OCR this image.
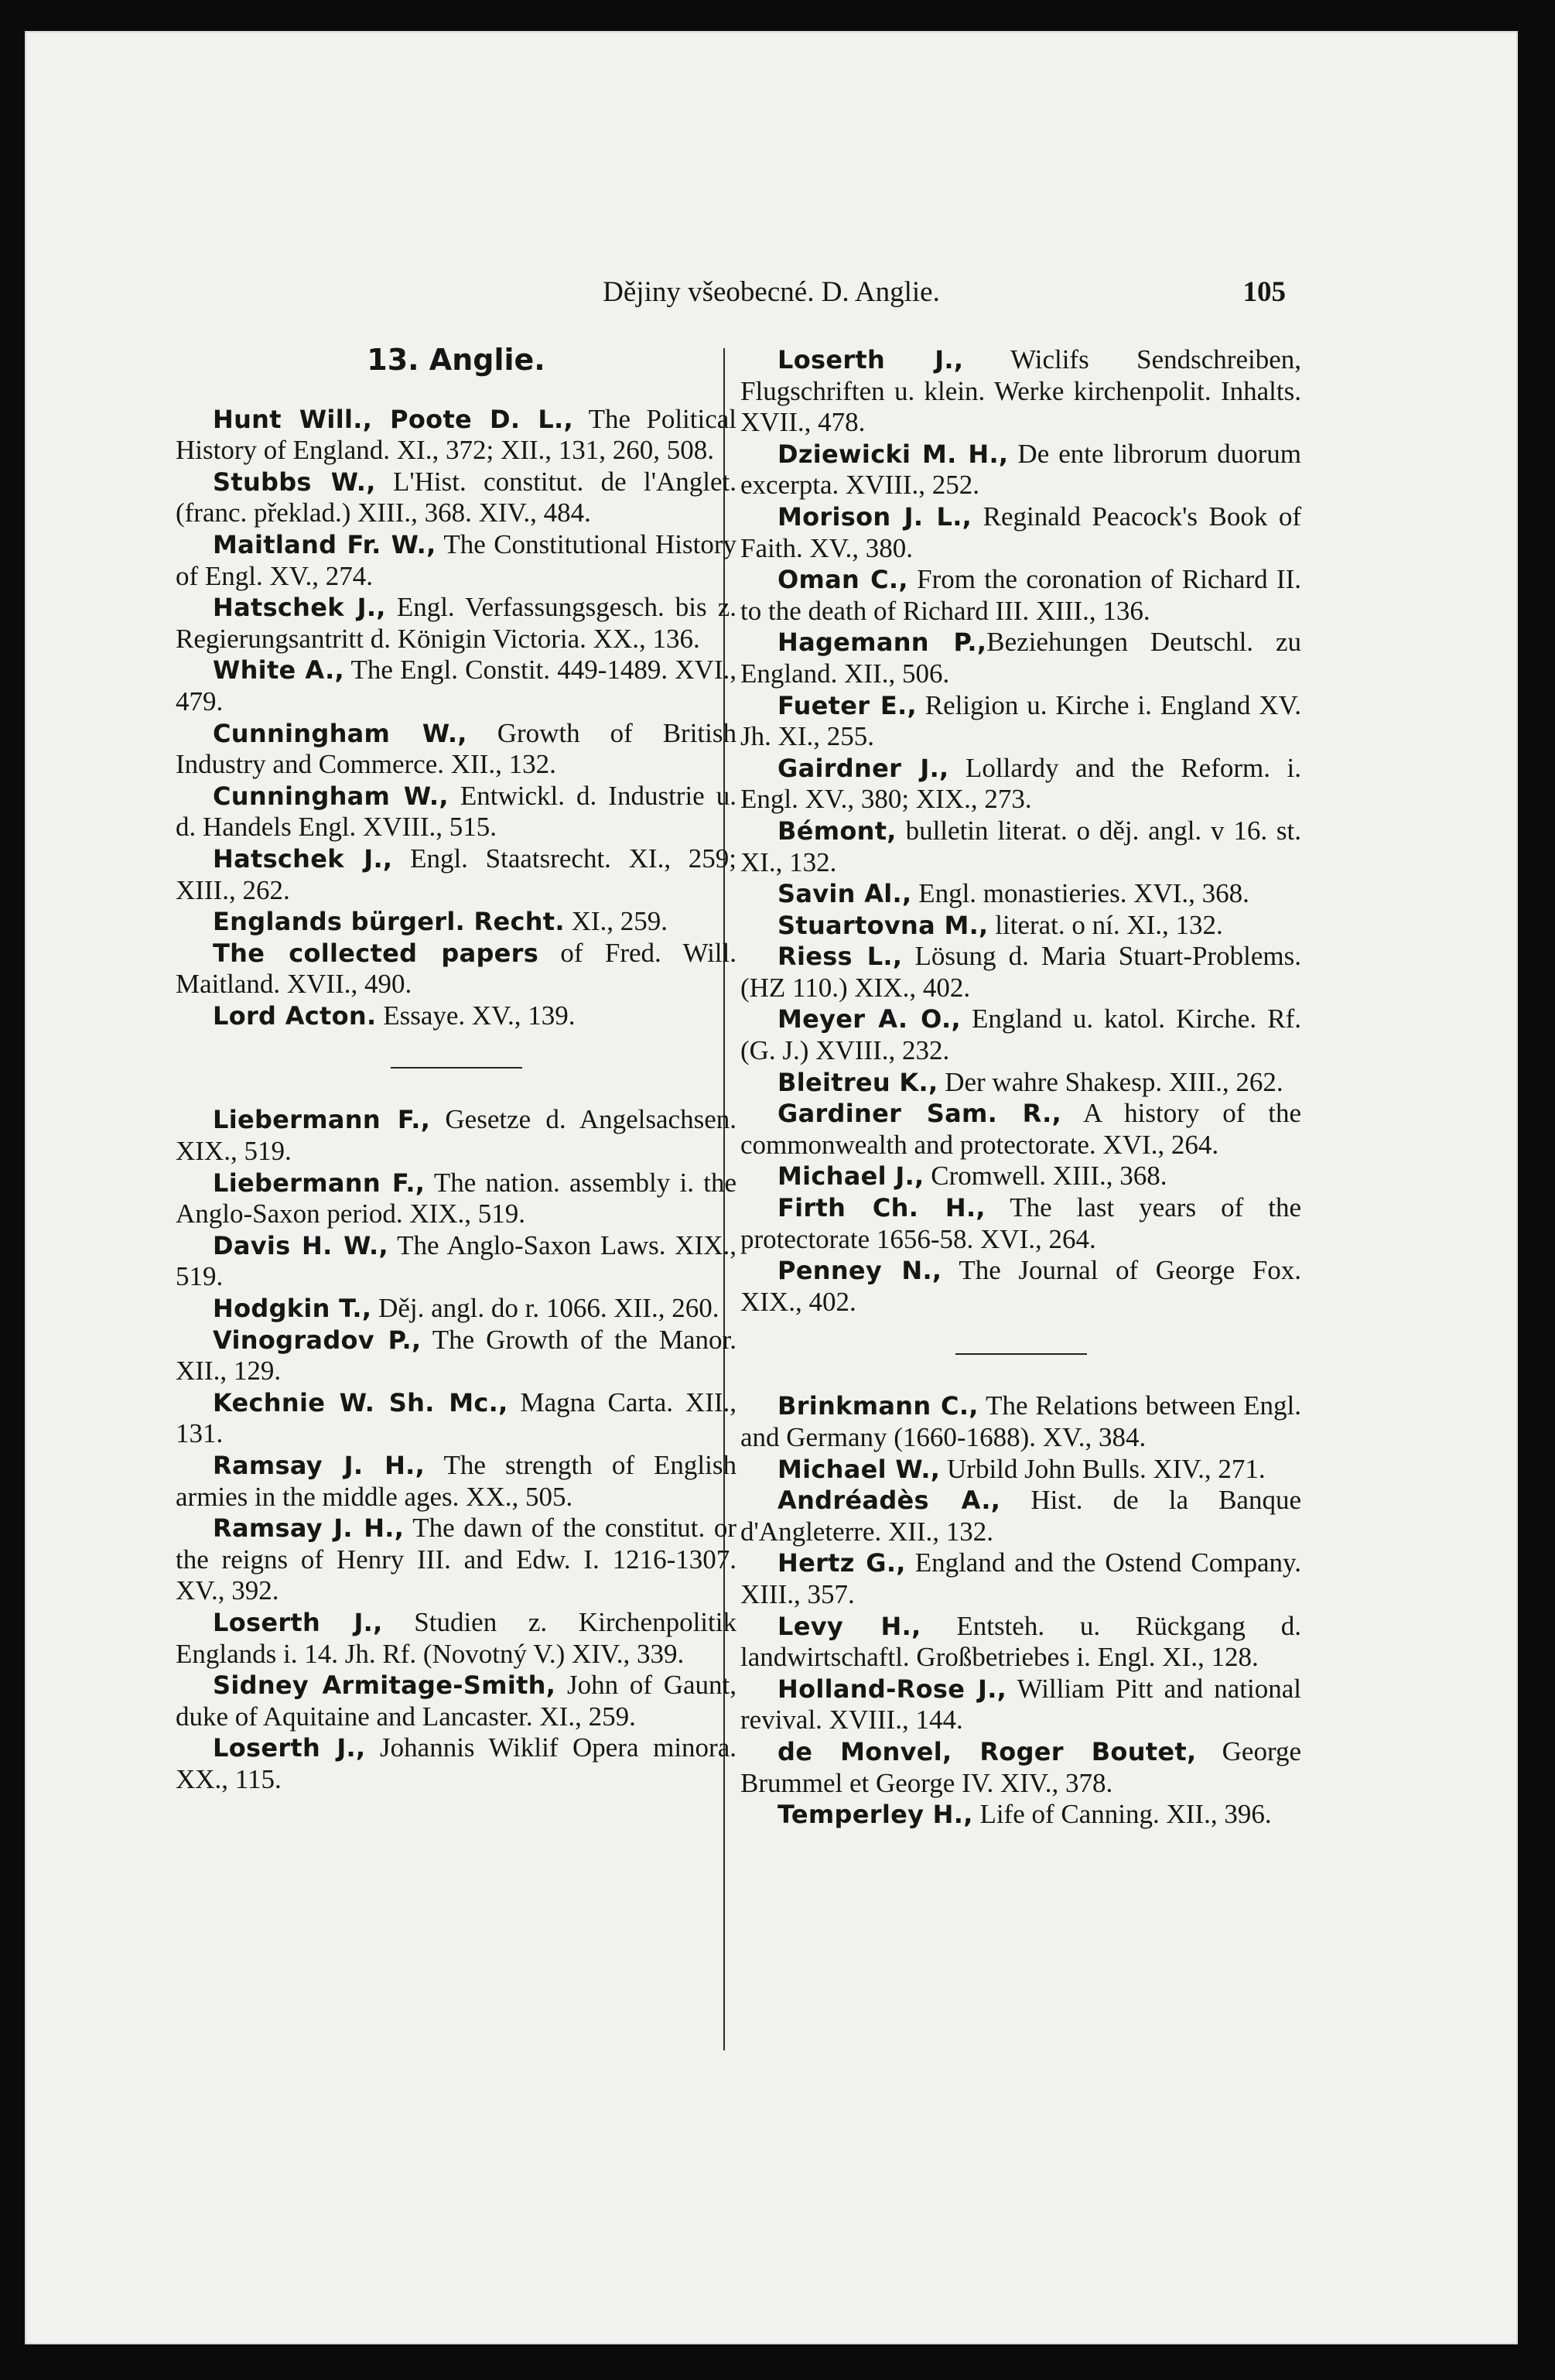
Dějiny všeobecné. D. Anglie.	105
13. Anglie.

Hunt Will., Poote D. L., The Political History of England. XI., 372; XII., 131, 260, 508.

Stubbs W., L'Hist. constitut. de l'Anglet. (franc. překlad.) XIII., 368. XIV., 484.

Maitland Fr. W., The Constitutional History of Engl. XV., 274.

Hatschek J., Engl. Verfassungsgesch. bis z. Regierungsantritt d. Königin Victoria. XX., 136.

White A., The Engl. Constit. 449-1489. XVI., 479.

Cunningham W., Growth of British Industry and Commerce. XII., 132.

Cunningham W., Entwickl. d. Industrie u. d. Handels Engl. XVIII., 515.

Hatschek J., Engl. Staatsrecht. XI., 259; XIII., 262.

Englands bürgerl. Recht. XI., 259.

The collected papers of Fred. Will. Maitland. XVII., 490.

Lord Acton. Essaye. XV., 139.

Liebermann F., Gesetze d. Angelsachsen. XIX., 519.

Liebermann F., The nation. assembly i. the Anglo-Saxon period. XIX., 519.

Davis H. W., The Anglo-Saxon Laws. XIX., 519.

Hodgkin T., Děj. angl. do r. 1066. XII., 260.

Vinogradov P., The Growth of the Manor. XII., 129.

Kechnie W. Sh. Mc., Magna Carta. XII., 131.

Ramsay J. H., The strength of English armies in the middle ages. XX., 505.

Ramsay J. H., The dawn of the constitut. or the reigns of Henry III. and Edw. I. 1216-1307. XV., 392.

Loserth J., Studien z. Kirchenpolitik Englands i. 14. Jh. Rf. (Novotný V.) XIV., 339.

Sidney Armitage-Smith, John of Gaunt, duke of Aquitaine and Lancaster. XI., 259.

Loserth J., Johannis Wiklif Opera minora. XX., 115.

Loserth J., Wiclifs Sendschreiben, Flugschriften u. klein. Werke kirchenpolit. Inhalts. XVII., 478.

Dziewicki M. H., De ente librorum duorum excerpta. XVIII., 252.

Morison J. L., Reginald Peacock's Book of Faith. XV., 380.

Oman C., From the coronation of Richard II. to the death of Richard III. XIII., 136.

Hagemann P.,Beziehungen Deutschl. zu England. XII., 506.

Fueter E., Religion u. Kirche i. England XV. Jh. XI., 255.

Gairdner J., Lollardy and the Reform. i. Engl. XV., 380; XIX., 273.

Bémont, bulletin literat. o děj. angl. v 16. st. XI., 132.

Savin Al., Engl. monastieries. XVI., 368.

Stuartovna M., literat. o ní. XI., 132.

Riess L., Lösung d. Maria Stuart-Problems. (HZ 110.) XIX., 402.

Meyer A. O., England u. katol. Kirche. Rf. (G. J.) XVIII., 232.

Bleitreu K., Der wahre Shakesp. XIII., 262.

Gardiner Sam. R., A history of the commonwealth and protectorate. XVI., 264.

Michael J., Cromwell. XIII., 368.

Firth Ch. H., The last years of the protectorate 1656-58. XVI., 264.

Penney N., The Journal of George Fox. XIX., 402.

Brinkmann C., The Relations between Engl. and Germany (1660-1688). XV., 384.

Michael W., Urbild John Bulls. XIV., 271.

Andréadès A., Hist. de la Banque d'Angleterre. XII., 132.

Hertz G., England and the Ostend Company. XIII., 357.

Levy H., Entsteh. u. Rückgang d. landwirtschaftl. Großbetriebes i. Engl. XI., 128.

Holland-Rose J., William Pitt and national revival. XVIII., 144.

de Monvel, Roger Boutet, George Brummel et George IV. XIV., 378.

Temperley H., Life of Canning. XII., 396.
